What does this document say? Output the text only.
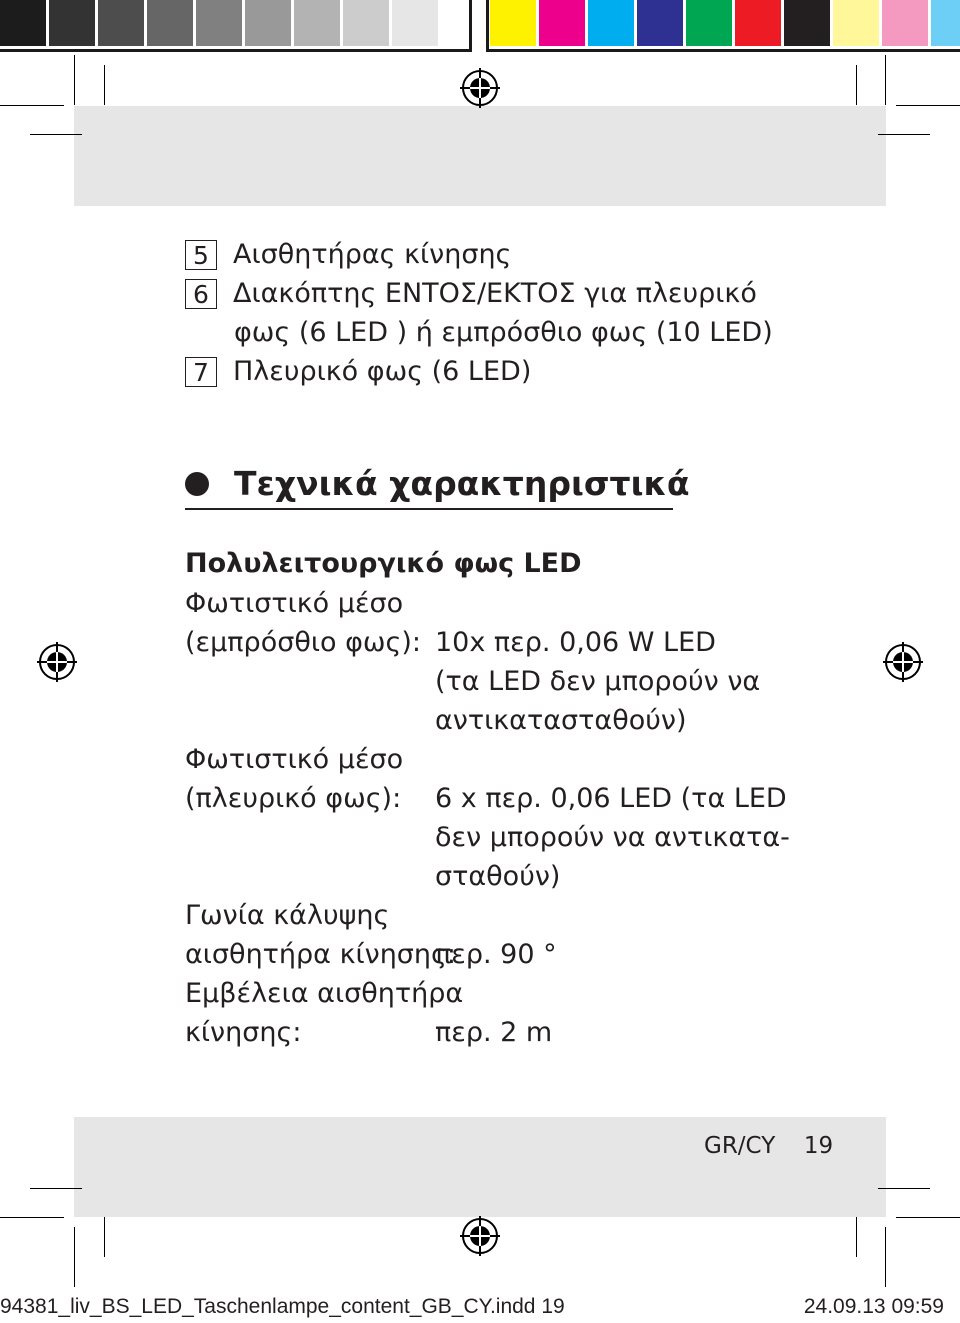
5 Αισθητήρας κίνησης
6 Διακόπτης ΕΝΤΟΣ/ΕΚΤΟΣ για πλευρικό
φως (6 LED ) ή εμπρόσθιο φως (10 LED)
7 Πλευρικό φως (6 LED)
Τεχνικά χαρακτηριστικά
Πολυλειτουργικό φως LED
Φωτιστικό μέσο
(εμπρόσθιο φως): 10x περ. 0,06 W LED
(τα LED δεν μπορούν να
αντικατασταθούν)
Φωτιστικό μέσο
(πλευρικό φως): 6 x περ. 0,06 LED (τα LED
δεν μπορούν να αντικατα-
σταθούν)
Γωνία κάλυψης
αισθητήρα κίνησης:
περ. 90 °
Εμβέλεια αισθητήρα
κίνησης:	περ. 2 m
GR/CY 19
94381_liv_BS_LED_Taschenlampe_content_GB_CY.indd 19	24.09.13 09:59
